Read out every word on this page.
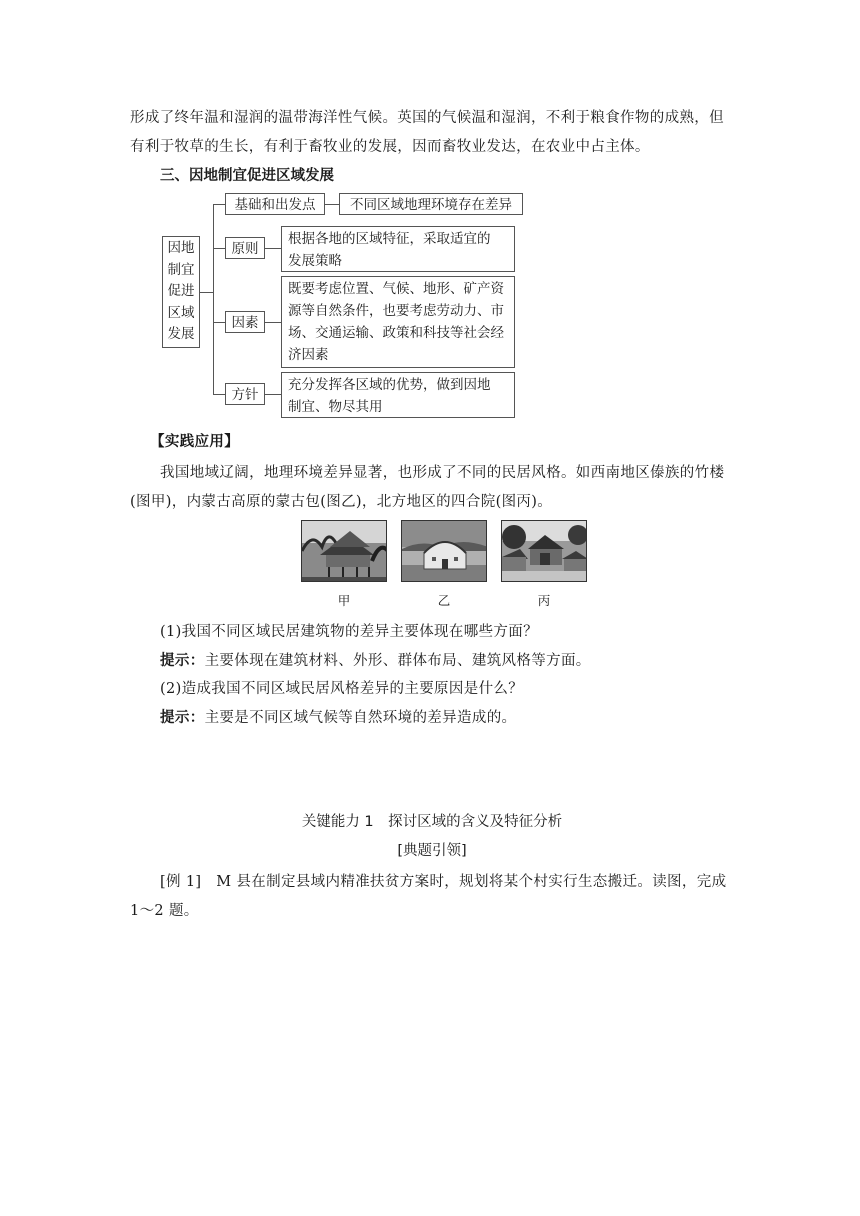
形成了终年温和湿润的温带海洋性气候。英国的气候温和湿润，不利于粮食作物的成熟，但
有利于牧草的生长，有利于畜牧业的发展，因而畜牧业发达，在农业中占主体。
三、因地制宜促进区域发展
因地
制宜
促进
区域
发展
基础和出发点	不同区域地理环境存在差异
原则
根据各地的区域特征，采取适宜的
发展策略
因素
既要考虑位置、气候、地形、矿产资
源等自然条件，也要考虑劳动力、市
场、交通运输、政策和科技等社会经
济因素
方针
充分发挥各区域的优势，做到因地
制宜、物尽其用
【实践应用】
我国地域辽阔，地理环境差异显著，也形成了不同的民居风格。如西南地区傣族的竹楼
(图甲)，内蒙古高原的蒙古包(图乙)，北方地区的四合院(图丙)。
甲	乙	丙
(1)我国不同区域民居建筑物的差异主要体现在哪些方面？
提示：主要体现在建筑材料、外形、群体布局、建筑风格等方面。
(2)造成我国不同区域民居风格差异的主要原因是什么？
提示：主要是不同区域气候等自然环境的差异造成的。
关键能力 1　探讨区域的含义及特征分析
[典题引领]
[例 1]　M 县在制定县域内精准扶贫方案时，规划将某个村实行生态搬迁。读图，完成
1～2 题。
